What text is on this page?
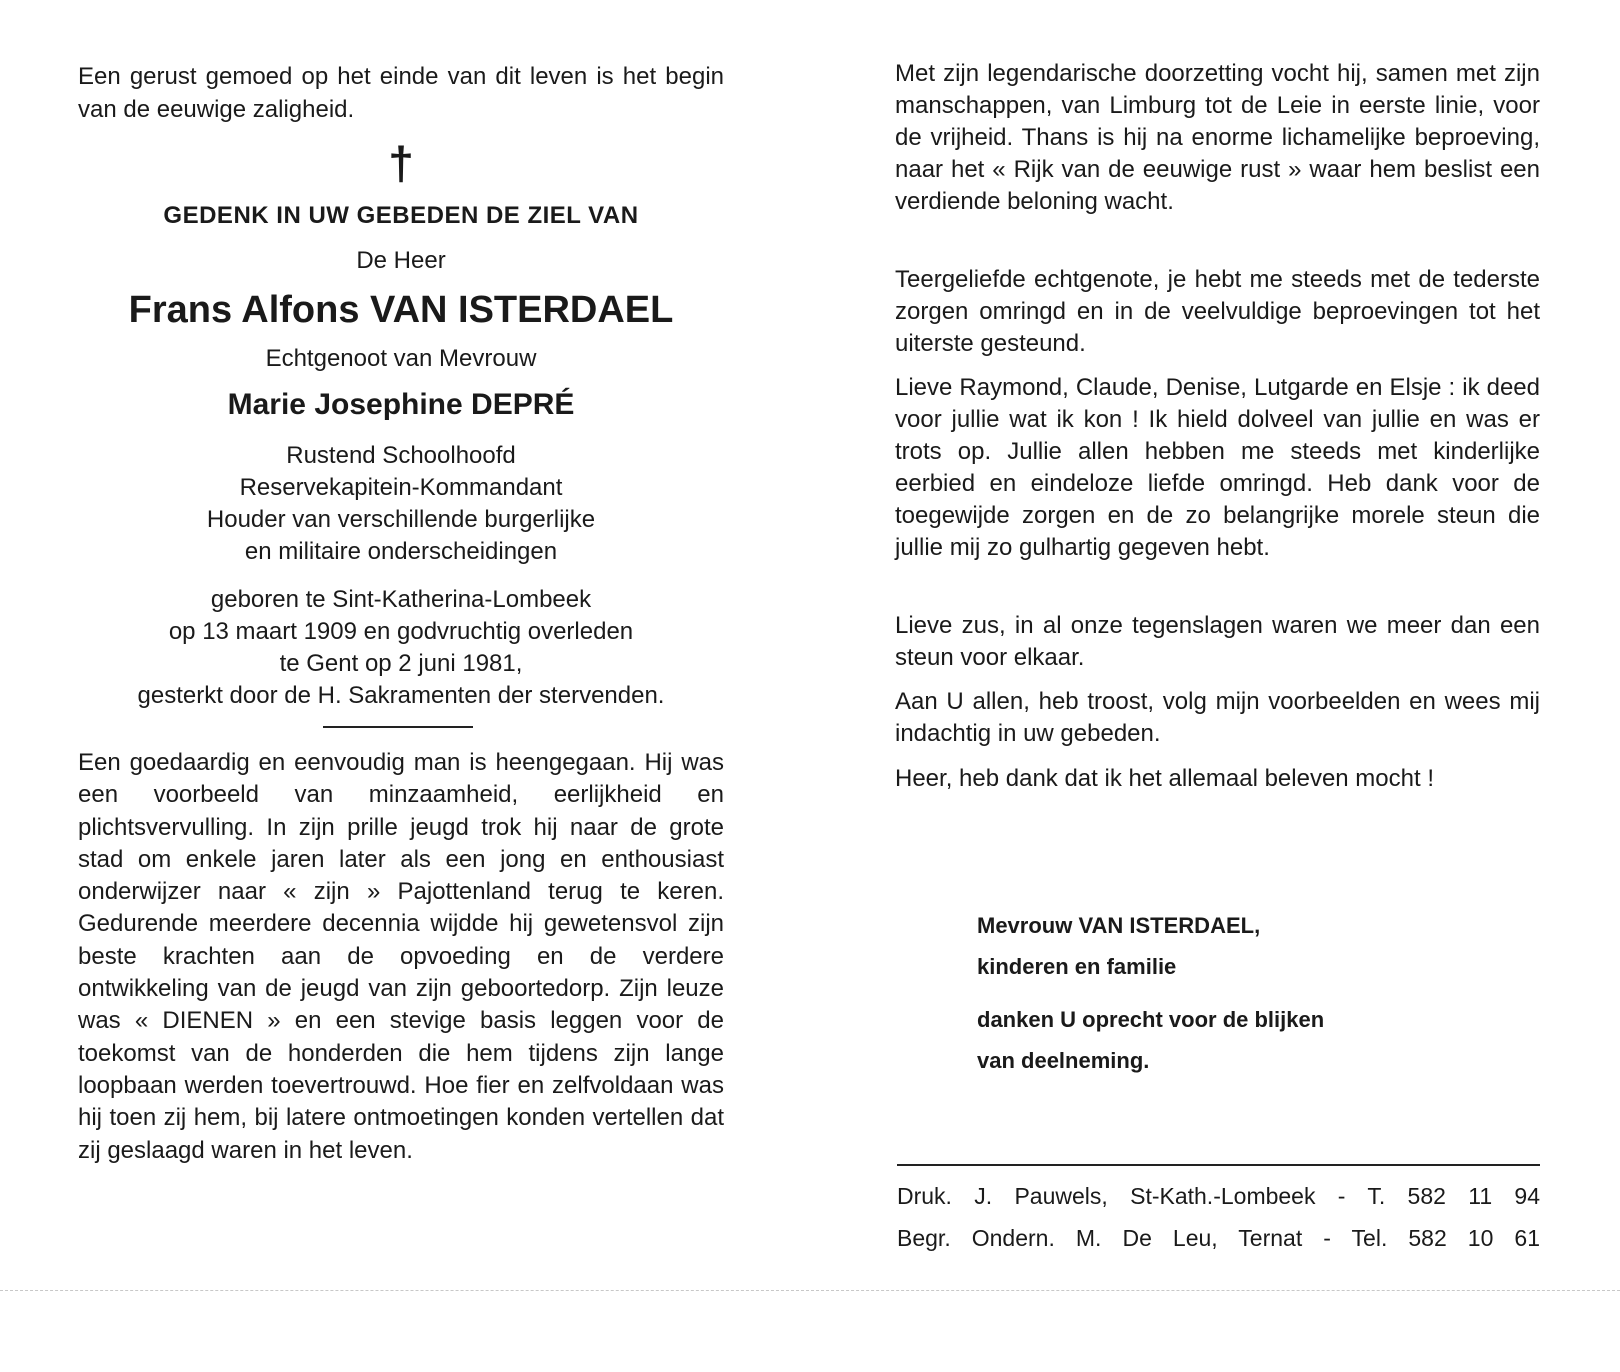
Een gerust gemoed op het einde van dit leven is het begin van de eeuwige zaligheid.

†
GEDENK IN UW GEBEDEN DE ZIEL VAN
De Heer
Frans Alfons VAN ISTERDAEL
Echtgenoot van Mevrouw
Marie Josephine DEPRÉ
Rustend Schoolhoofd
Reservekapitein-Kommandant
Houder van verschillende burgerlijke
en militaire onderscheidingen
geboren te Sint-Katherina-Lombeek
op 13 maart 1909 en godvruchtig overleden
te Gent op 2 juni 1981,
gesterkt door de H. Sakramenten der stervenden.

Een goedaardig en eenvoudig man is heengegaan. Hij was een voorbeeld van minzaamheid, eerlijkheid en plichtsvervulling. In zijn prille jeugd trok hij naar de grote stad om enkele jaren later als een jong en enthousiast onderwijzer naar « zijn » Pajottenland terug te keren. Gedurende meerdere decennia wijdde hij gewetensvol zijn beste krachten aan de opvoeding en de verdere ontwikkeling van de jeugd van zijn geboortedorp. Zijn leuze was « DIENEN » en een stevige basis leggen voor de toekomst van de honderden die hem tijdens zijn lange loopbaan werden toevertrouwd. Hoe fier en zelfvoldaan was hij toen zij hem, bij latere ontmoetingen konden vertellen dat zij geslaagd waren in het leven.

Met zijn legendarische doorzetting vocht hij, samen met zijn manschappen, van Limburg tot de Leie in eerste linie, voor de vrijheid. Thans is hij na enorme lichamelijke beproeving, naar het « Rijk van de eeuwige rust » waar hem beslist een verdiende beloning wacht.

Teergeliefde echtgenote, je hebt me steeds met de tederste zorgen omringd en in de veelvuldige beproevingen tot het uiterste gesteund.

Lieve Raymond, Claude, Denise, Lutgarde en Elsje : ik deed voor jullie wat ik kon ! Ik hield dolveel van jullie en was er trots op. Jullie allen hebben me steeds met kinderlijke eerbied en eindeloze liefde omringd. Heb dank voor de toegewijde zorgen en de zo belangrijke morele steun die jullie mij zo gulhartig gegeven hebt.

Lieve zus, in al onze tegenslagen waren we meer dan een steun voor elkaar.

Aan U allen, heb troost, volg mijn voorbeelden en wees mij indachtig in uw gebeden.

Heer, heb dank dat ik het allemaal beleven mocht !

Mevrouw VAN ISTERDAEL,
kinderen en familie
danken U oprecht voor de blijken
van deelneming.
Druk. J. Pauwels, St-Kath.-Lombeek - T. 582 11 94
Begr. Ondern. M. De Leu, Ternat - Tel. 582 10 61
